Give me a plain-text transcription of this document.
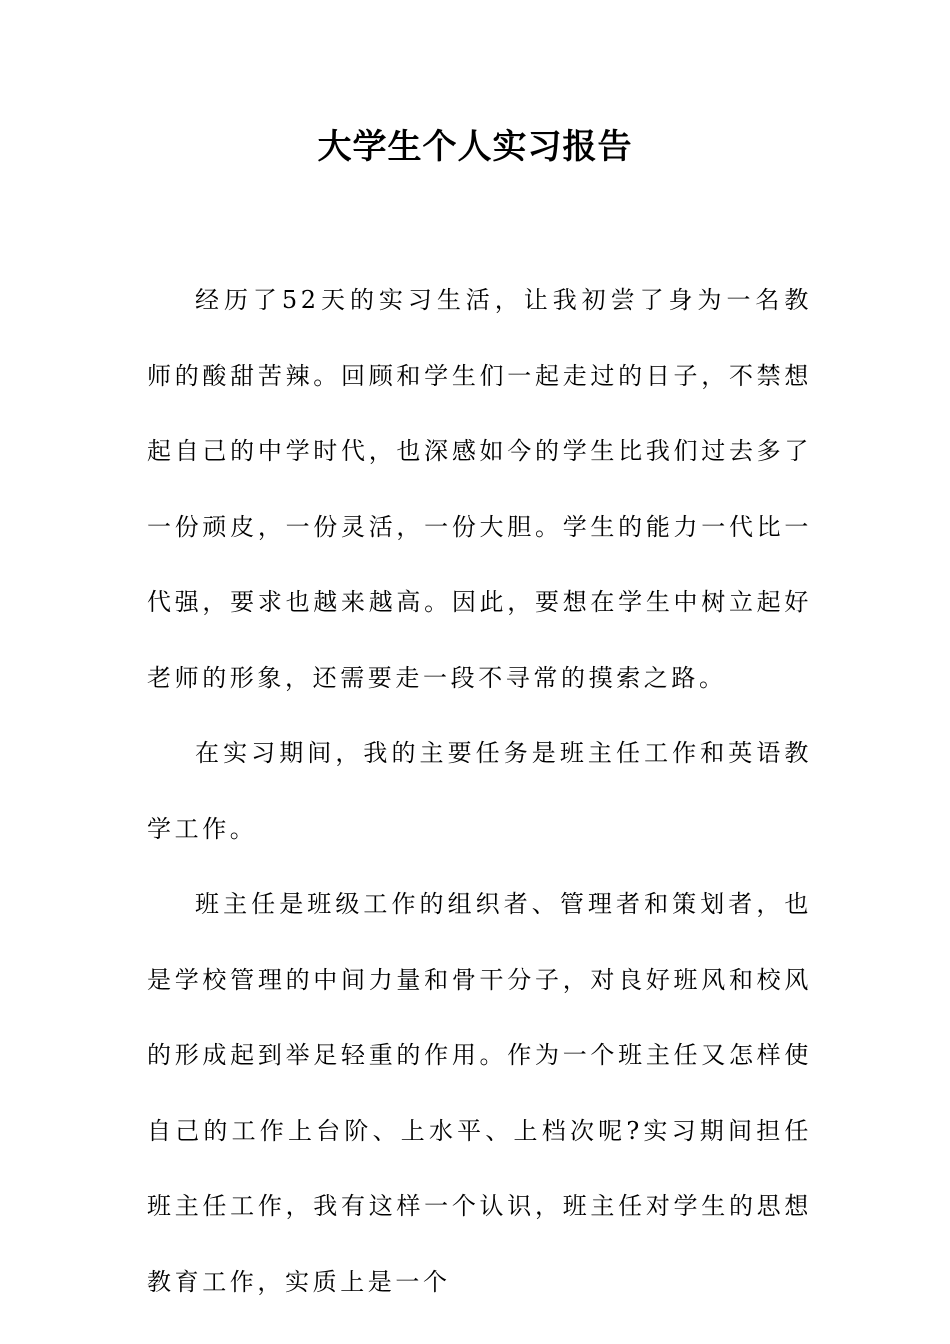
大学生个人实习报告

经历了52天的实习生活，让我初尝了身为一名教师的酸甜苦辣。回顾和学生们一起走过的日子，不禁想起自己的中学时代，也深感如今的学生比我们过去多了一份顽皮，一份灵活，一份大胆。学生的能力一代比一代强，要求也越来越高。因此，要想在学生中树立起好老师的形象，还需要走一段不寻常的摸索之路。

在实习期间，我的主要任务是班主任工作和英语教学工作。

班主任是班级工作的组织者、管理者和策划者，也是学校管理的中间力量和骨干分子，对良好班风和校风的形成起到举足轻重的作用。作为一个班主任又怎样使自己的工作上台阶、上水平、上档次呢?实习期间担任班主任工作，我有这样一个认识，班主任对学生的思想教育工作，实质上是一个
